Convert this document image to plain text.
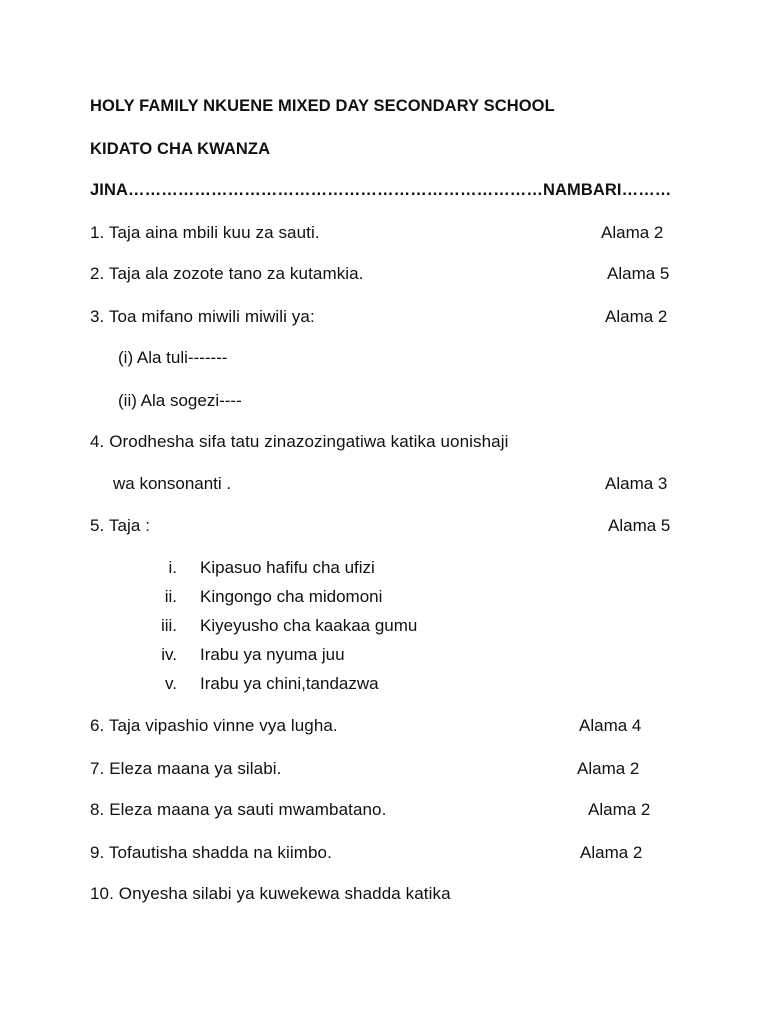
HOLY FAMILY NKUENE MIXED DAY SECONDARY SCHOOL
KIDATO CHA KWANZA
JINA…………………………………………………………………NAMBARI………
1. Taja aina mbili kuu za sauti.	Alama 2
2. Taja ala zozote tano za kutamkia.	Alama 5
3. Toa mifano miwili miwili ya:	Alama 2
(i) Ala tuli-------
(ii) Ala sogezi----
4. Orodhesha sifa tatu zinazozingatiwa katika uonishaji
wa konsonanti .	Alama 3
5. Taja :	Alama 5
i. Kipasuo hafifu cha ufizi
ii. Kingongo cha midomoni
iii. Kiyeyusho cha kaakaa gumu
iv. Irabu ya nyuma juu
v. Irabu ya chini,tandazwa
6. Taja vipashio vinne vya lugha.	Alama 4
7. Eleza maana ya silabi.	Alama 2
8. Eleza maana ya sauti mwambatano.	Alama 2
9. Tofautisha shadda na kiimbo.	Alama 2
10. Onyesha silabi ya kuwekewa shadda katika
